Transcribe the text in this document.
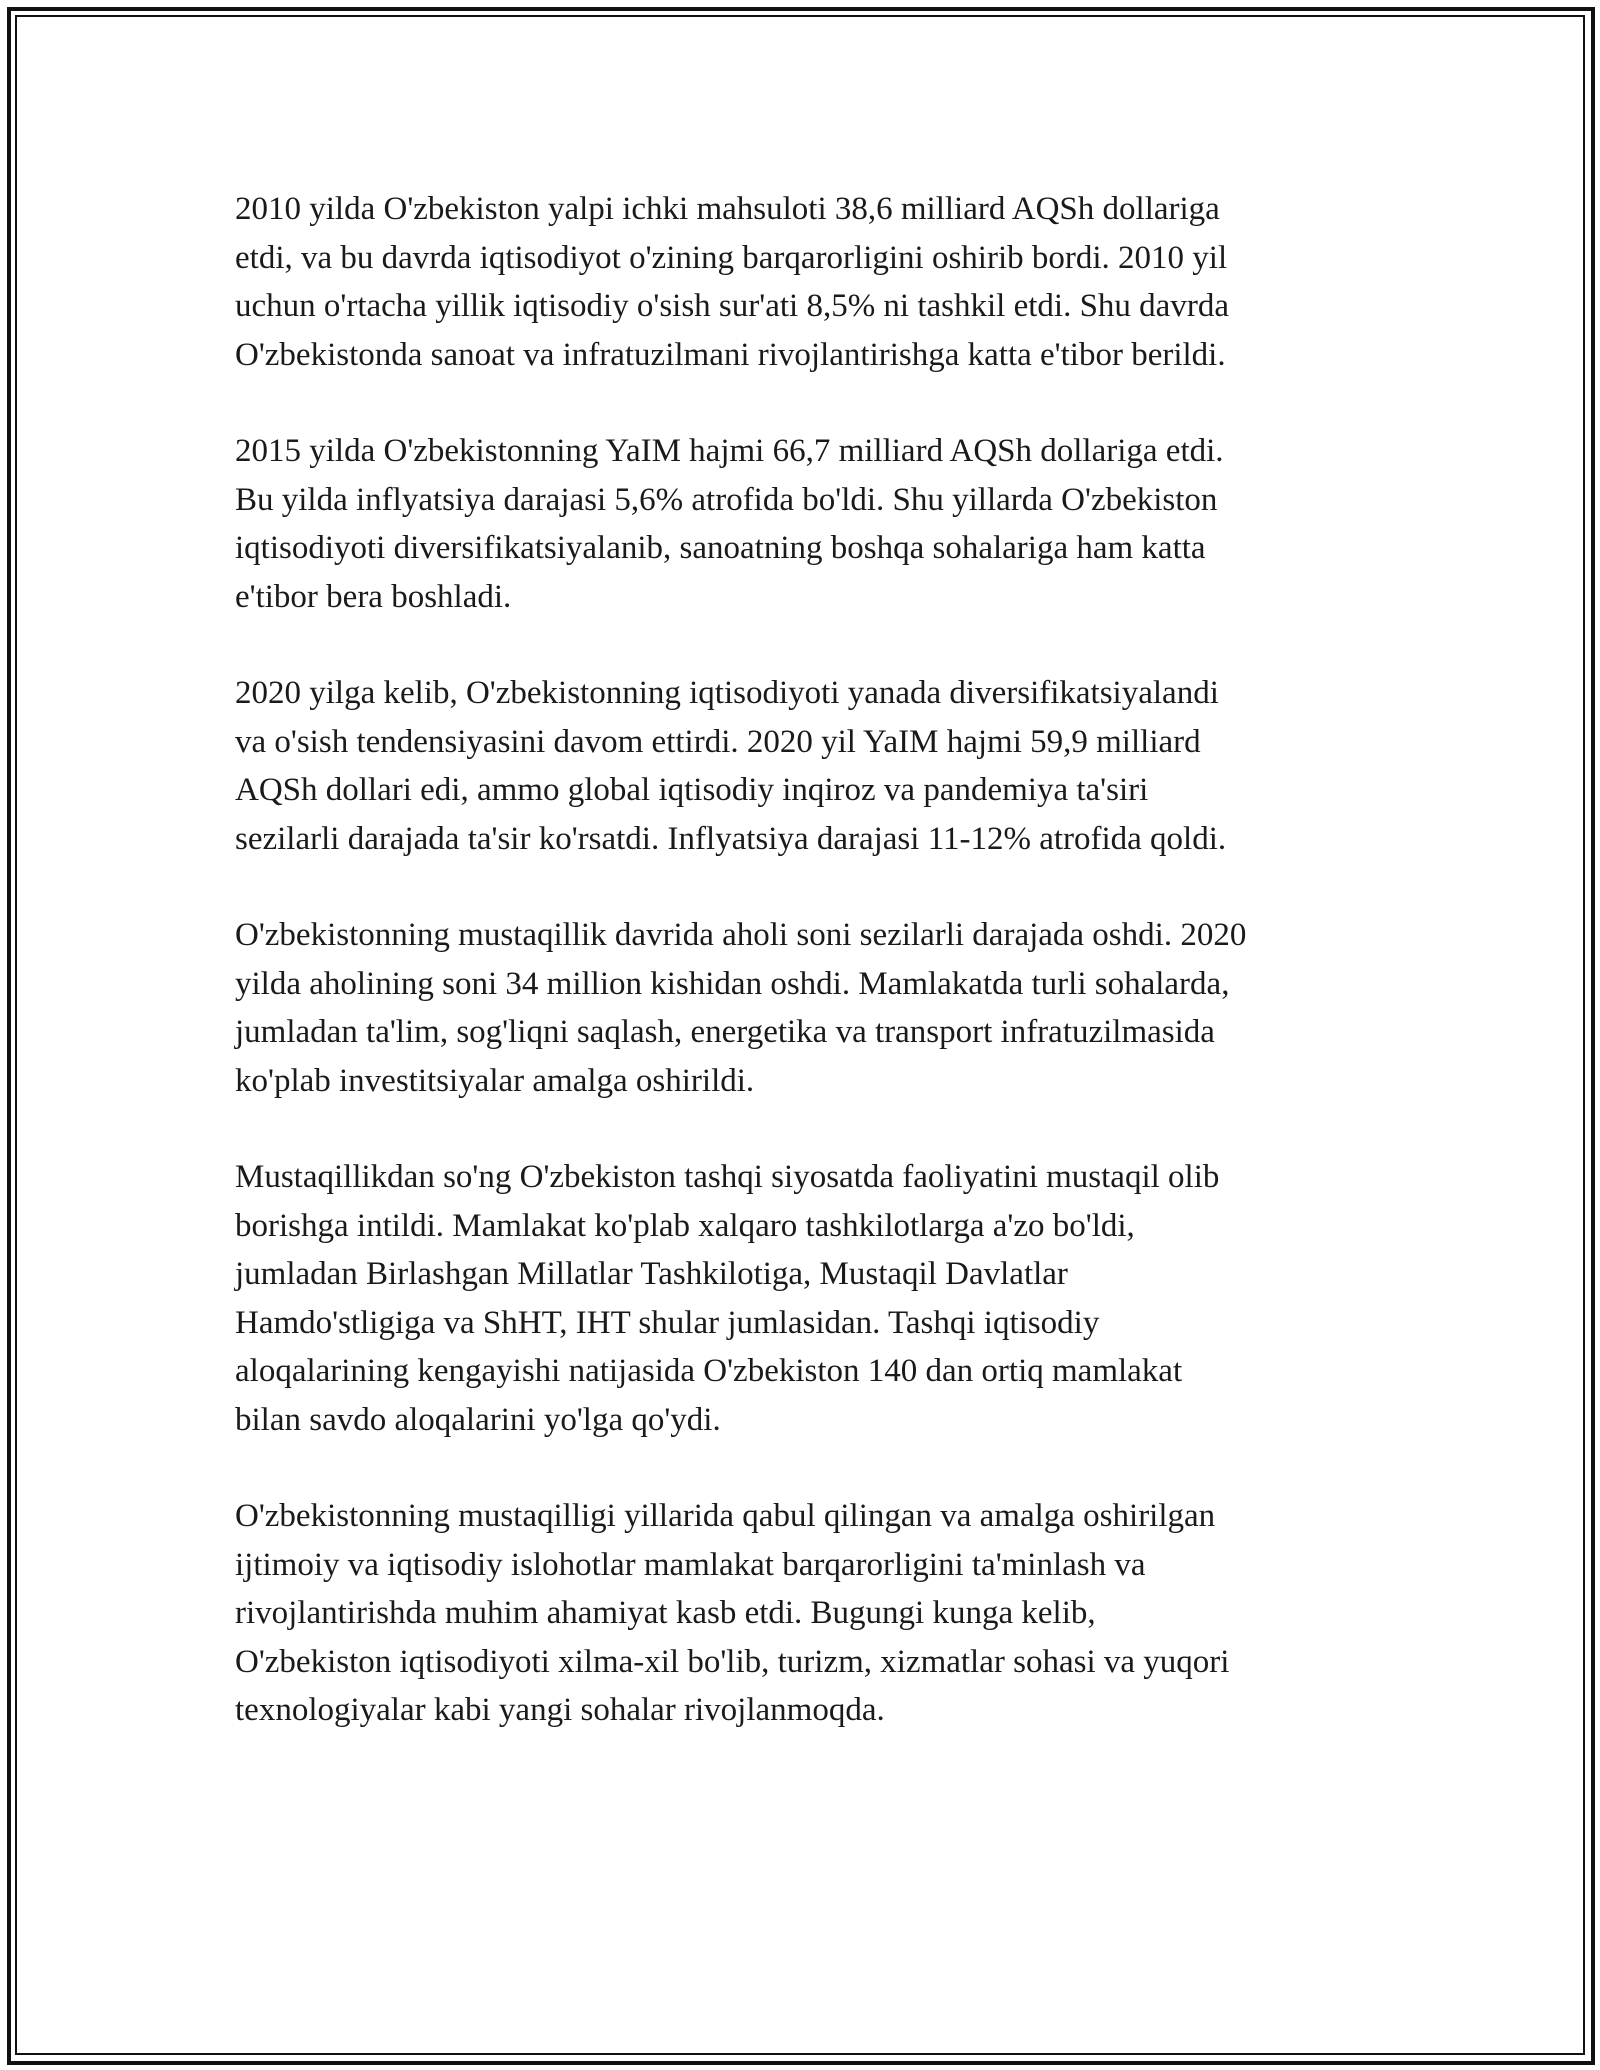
2010 yilda O'zbekiston yalpi ichki mahsuloti 38,6 milliard AQSh dollariga
etdi, va bu davrda iqtisodiyot o'zining barqarorligini oshirib bordi. 2010 yil
uchun o'rtacha yillik iqtisodiy o'sish sur'ati 8,5% ni tashkil etdi. Shu davrda
O'zbekistonda sanoat va infratuzilmani rivojlantirishga katta e'tibor berildi.

2015 yilda O'zbekistonning YaIM hajmi 66,7 milliard AQSh dollariga etdi.
Bu yilda inflyatsiya darajasi 5,6% atrofida bo'ldi. Shu yillarda O'zbekiston
iqtisodiyoti diversifikatsiyalanib, sanoatning boshqa sohalariga ham katta
e'tibor bera boshladi.

2020 yilga kelib, O'zbekistonning iqtisodiyoti yanada diversifikatsiyalandi
va o'sish tendensiyasini davom ettirdi. 2020 yil YaIM hajmi 59,9 milliard
AQSh dollari edi, ammo global iqtisodiy inqiroz va pandemiya ta'siri
sezilarli darajada ta'sir ko'rsatdi. Inflyatsiya darajasi 11-12% atrofida qoldi.

O'zbekistonning mustaqillik davrida aholi soni sezilarli darajada oshdi. 2020
yilda aholining soni 34 million kishidan oshdi. Mamlakatda turli sohalarda,
jumladan ta'lim, sog'liqni saqlash, energetika va transport infratuzilmasida
ko'plab investitsiyalar amalga oshirildi.

Mustaqillikdan so'ng O'zbekiston tashqi siyosatda faoliyatini mustaqil olib
borishga intildi. Mamlakat ko'plab xalqaro tashkilotlarga a'zo bo'ldi,
jumladan Birlashgan Millatlar Tashkilotiga, Mustaqil Davlatlar
Hamdo'stligiga va ShHT, IHT shular jumlasidan. Tashqi iqtisodiy
aloqalarining kengayishi natijasida O'zbekiston 140 dan ortiq mamlakat
bilan savdo aloqalarini yo'lga qo'ydi.

O'zbekistonning mustaqilligi yillarida qabul qilingan va amalga oshirilgan
ijtimoiy va iqtisodiy islohotlar mamlakat barqarorligini ta'minlash va
rivojlantirishda muhim ahamiyat kasb etdi. Bugungi kunga kelib,
O'zbekiston iqtisodiyoti xilma-xil bo'lib, turizm, xizmatlar sohasi va yuqori
texnologiyalar kabi yangi sohalar rivojlanmoqda.
